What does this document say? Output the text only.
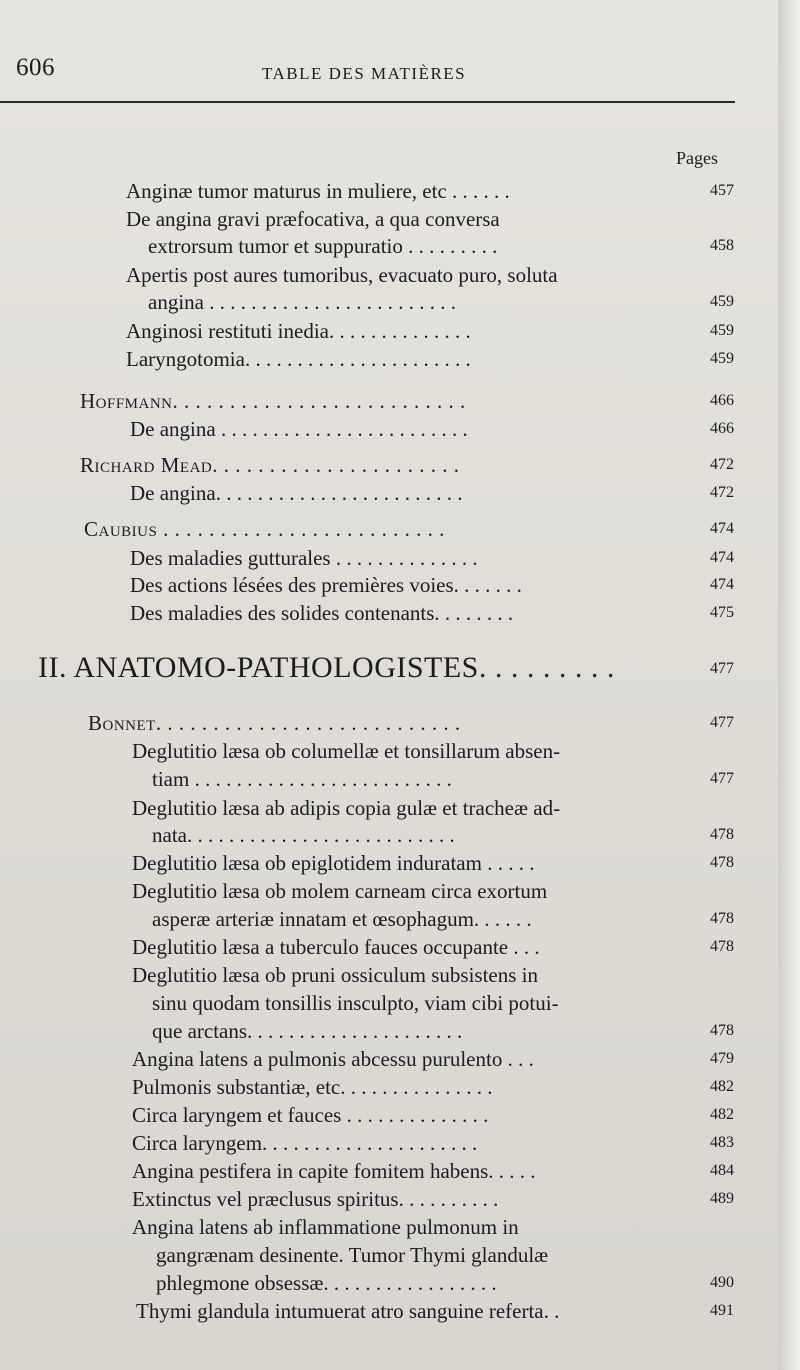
606	TABLE DES MATIÈRES
Pages
Anginæ tumor maturus in muliere, etc . . . . . .	457
De angina gravi præfocativa, a qua conversa
extrorsum tumor et suppuratio . . . . . . . . .	458
Apertis post aures tumoribus, evacuato puro, soluta
angina . . . . . . . . . . . . . . . . . . . . . . . .	459
Anginosi restituti inedia. . . . . . . . . . . . . .	459
Laryngotomia. . . . . . . . . . . . . . . . . . . . . .	459
Hoffmann. . . . . . . . . . . . . . . . . . . . . . . . . .	466
De angina . . . . . . . . . . . . . . . . . . . . . . . .	466
Richard Mead. . . . . . . . . . . . . . . . . . . . . .	472
De angina. . . . . . . . . . . . . . . . . . . . . . . .	472
Caubius . . . . . . . . . . . . . . . . . . . . . . . . .	474
Des maladies gutturales . . . . . . . . . . . . . .	474
Des actions lésées des premières voies. . . . . . .	474
Des maladies des solides contenants. . . . . . . .	475
II. ANATOMO-PATHOLOGISTES. . . . . . . . .	477
Bonnet. . . . . . . . . . . . . . . . . . . . . . . . . . .	477
Deglutitio læsa ob columellæ et tonsillarum absen-
tiam . . . . . . . . . . . . . . . . . . . . . . . . .	477
Deglutitio læsa ab adipis copia gulæ et tracheæ ad-
nata. . . . . . . . . . . . . . . . . . . . . . . . . .	478
Deglutitio læsa ob epiglotidem induratam . . . . .	478
Deglutitio læsa ob molem carneam circa exortum
asperæ arteriæ innatam et œsophagum. . . . . .	478
Deglutitio læsa a tuberculo fauces occupante . . .	478
Deglutitio læsa ob pruni ossiculum subsistens in
sinu quodam tonsillis insculpto, viam cibi potui-
que arctans. . . . . . . . . . . . . . . . . . . . .	478
Angina latens a pulmonis abcessu purulento . . .	479
Pulmonis substantiæ, etc. . . . . . . . . . . . . . .	482
Circa laryngem et fauces . . . . . . . . . . . . . .	482
Circa laryngem. . . . . . . . . . . . . . . . . . . . .	483
Angina pestifera in capite fomitem habens. . . . .	484
Extinctus vel præclusus spiritus. . . . . . . . . .	489
Angina latens ab inflammatione pulmonum in
gangrænam desinente. Tumor Thymi glandulæ
phlegmone obsessæ. . . . . . . . . . . . . . . . .	490
Thymi glandula intumuerat atro sanguine referta. .	491
